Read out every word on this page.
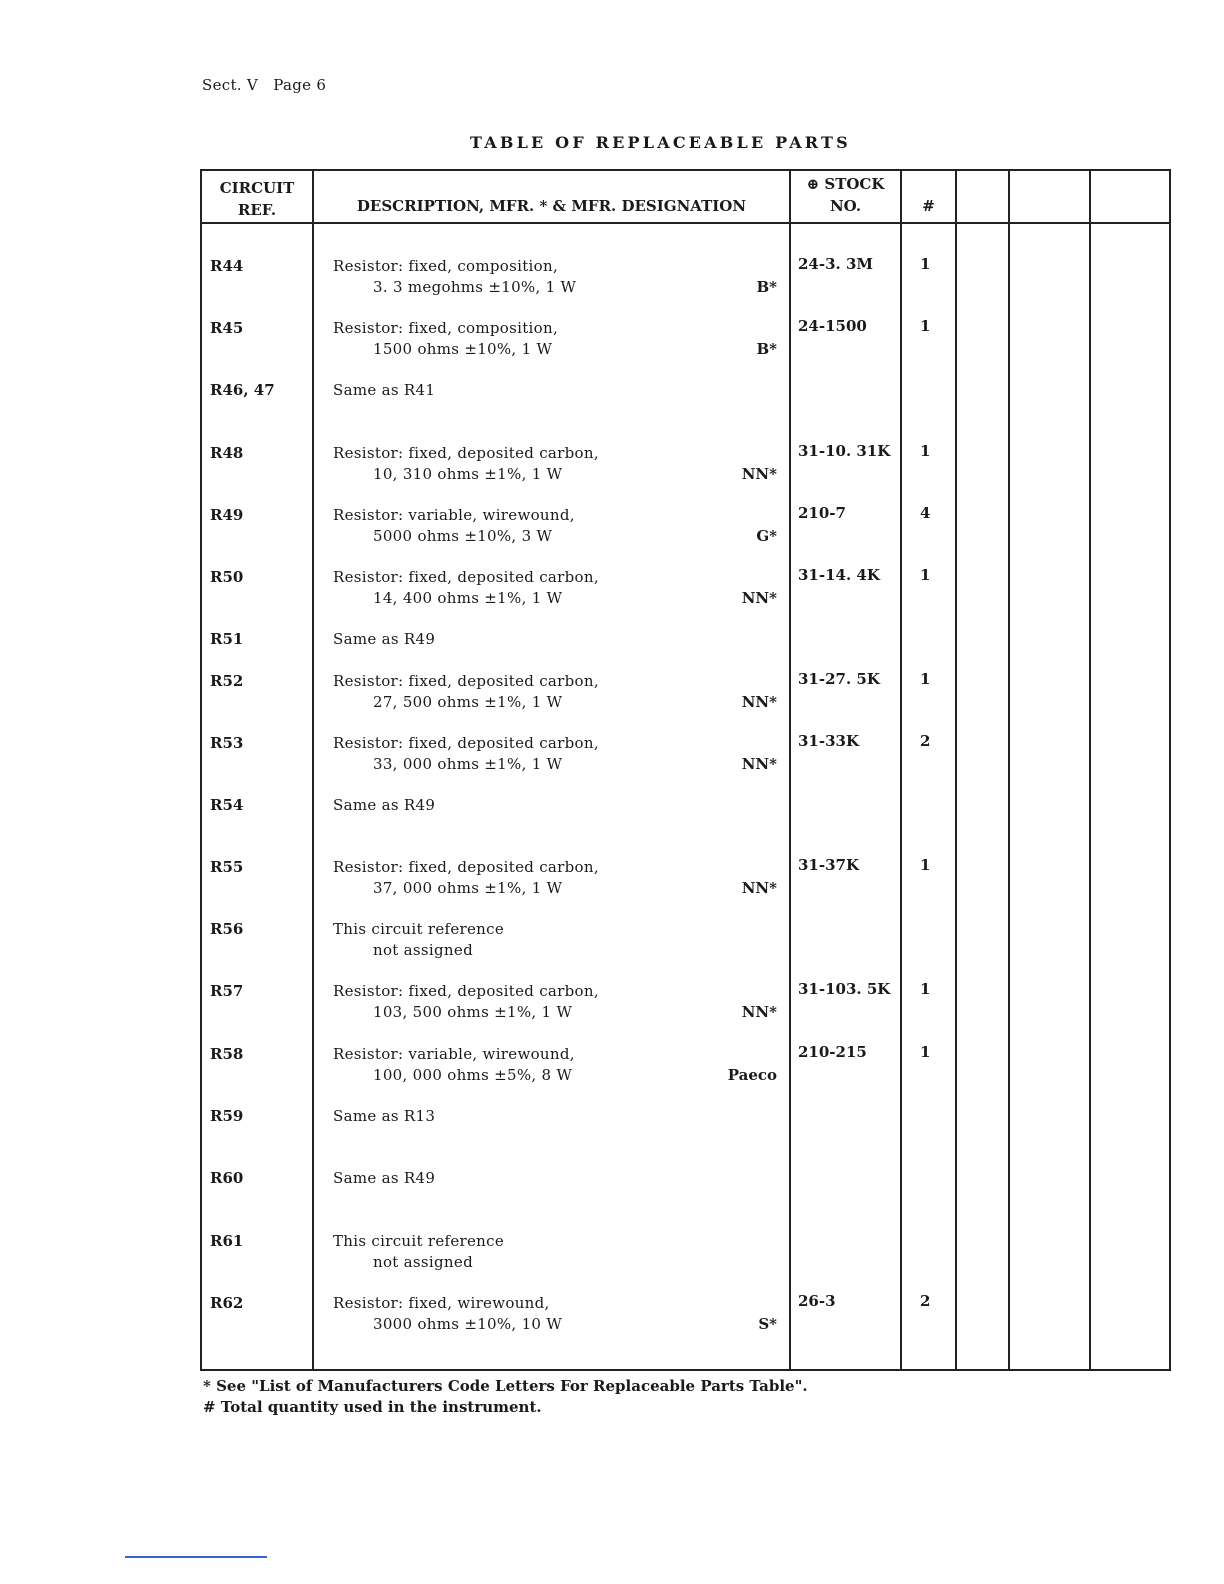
Sect. V Page 6
TABLE OF REPLACEABLE PARTS
CIRCUIT
REF.	DESCRIPTION, MFR. * & MFR. DESIGNATION
⊕ STOCK
NO.	#
R44	Resistor: fixed, composition,
3. 3 megohms ±10%, 1 W	B*
24-3. 3M	1
R45	Resistor: fixed, composition,
1500 ohms ±10%, 1 W	B*
24-1500	1
R46, 47	Same as R41
R48	Resistor: fixed, deposited carbon,
10, 310 ohms ±1%, 1 W	NN*
31-10. 31K 1
R49	Resistor: variable, wirewound,
5000 ohms ±10%, 3 W	G*
210-7	4
R50	Resistor: fixed, deposited carbon,
14, 400 ohms ±1%, 1 W	NN*
31-14. 4K	1
R51	Same as R49
R52	Resistor: fixed, deposited carbon,
27, 500 ohms ±1%, 1 W	NN*
31-27. 5K	1
R53	Resistor: fixed, deposited carbon,
33, 000 ohms ±1%, 1 W	NN*
31-33K	2
R54	Same as R49
R55	Resistor: fixed, deposited carbon,
37, 000 ohms ±1%, 1 W	NN*
31-37K	1
R56	This circuit reference
not assigned
R57	Resistor: fixed, deposited carbon,
103, 500 ohms ±1%, 1 W	NN*
31-103. 5K 1
R58	Resistor: variable, wirewound,
100, 000 ohms ±5%, 8 W	Paeco
210-215	1
R59	Same as R13
R60	Same as R49
R61	This circuit reference
not assigned
R62	Resistor: fixed, wirewound,
3000 ohms ±10%, 10 W	S*
26-3	2
* See "List of Manufacturers Code Letters For Replaceable Parts Table".
# Total quantity used in the instrument.
